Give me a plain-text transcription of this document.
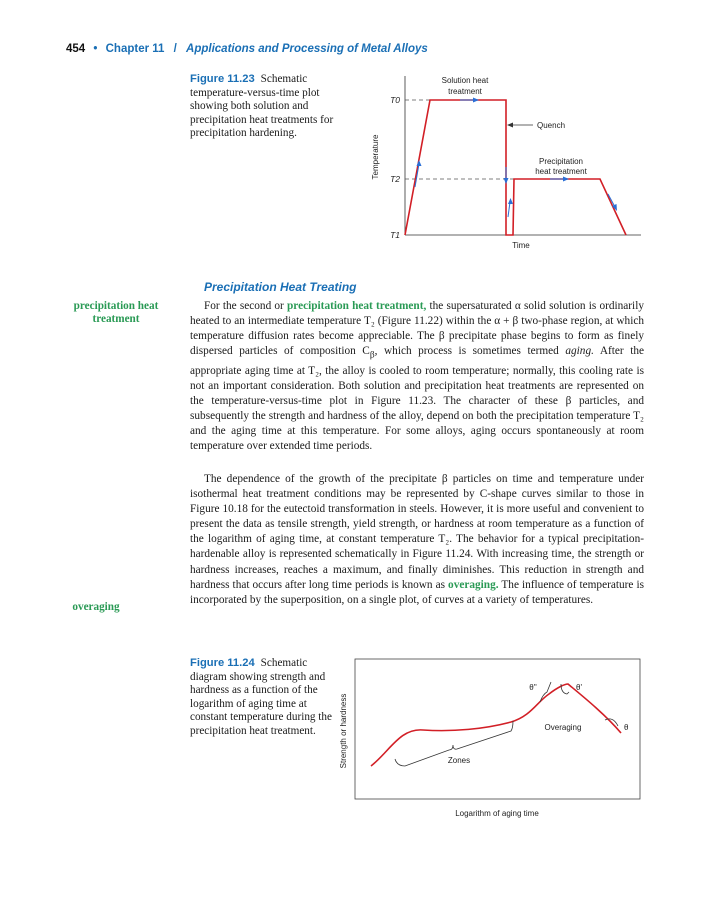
454 • Chapter 11 / Applications and Processing of Metal Alloys
Figure 11.23 Schematic temperature-versus-time plot showing both solution and precipitation heat treatments for precipitation hardening.
Solution heat
treatment
Quench
Precipitation
heat treatment
Time
Temperature
T0
T2
T1
Precipitation Heat Treating
precipitation heat
treatment
overaging

For the second or precipitation heat treatment, the supersaturated α solid solution is ordinarily heated to an intermediate temperature T₂ (Figure 11.22) within the α + β two-phase region, at which temperature diffusion rates become appreciable. The β precipitate phase begins to form as finely dispersed particles of composition $C_\beta$, which process is sometimes termed aging. After the appropriate aging time at T₂, the alloy is cooled to room temperature; normally, this cooling rate is not an important consideration. Both solution and precipitation heat treatments are represented on the temperature-versus-time plot in Figure 11.23. The character of these β particles, and subsequently the strength and hardness of the alloy, depend on both the precipitation temperature T₂ and the aging time at this temperature. For some alloys, aging occurs spontaneously at room temperature over extended time periods.

The dependence of the growth of the precipitate β particles on time and temperature under isothermal heat treatment conditions may be represented by C-shape curves similar to those in Figure 10.18 for the eutectoid transformation in steels. However, it is more useful and convenient to present the data as tensile strength, yield strength, or hardness at room temperature as a function of the logarithm of aging time, at constant temperature T₂. The behavior for a typical precipitation-hardenable alloy is represented schematically in Figure 11.24. With increasing time, the strength or hardness increases, reaches a maximum, and finally diminishes. This reduction in strength and hardness that occurs after long time periods is known as overaging. The influence of temperature is incorporated by the superposition, on a single plot, of curves at a variety of temperatures.

Figure 11.24 Schematic diagram showing strength and hardness as a function of the logarithm of aging time at constant temperature during the precipitation heat treatment.
Zones
θ''	θ'
Overaging	θ
Logarithm of aging time
Strength or hardness
